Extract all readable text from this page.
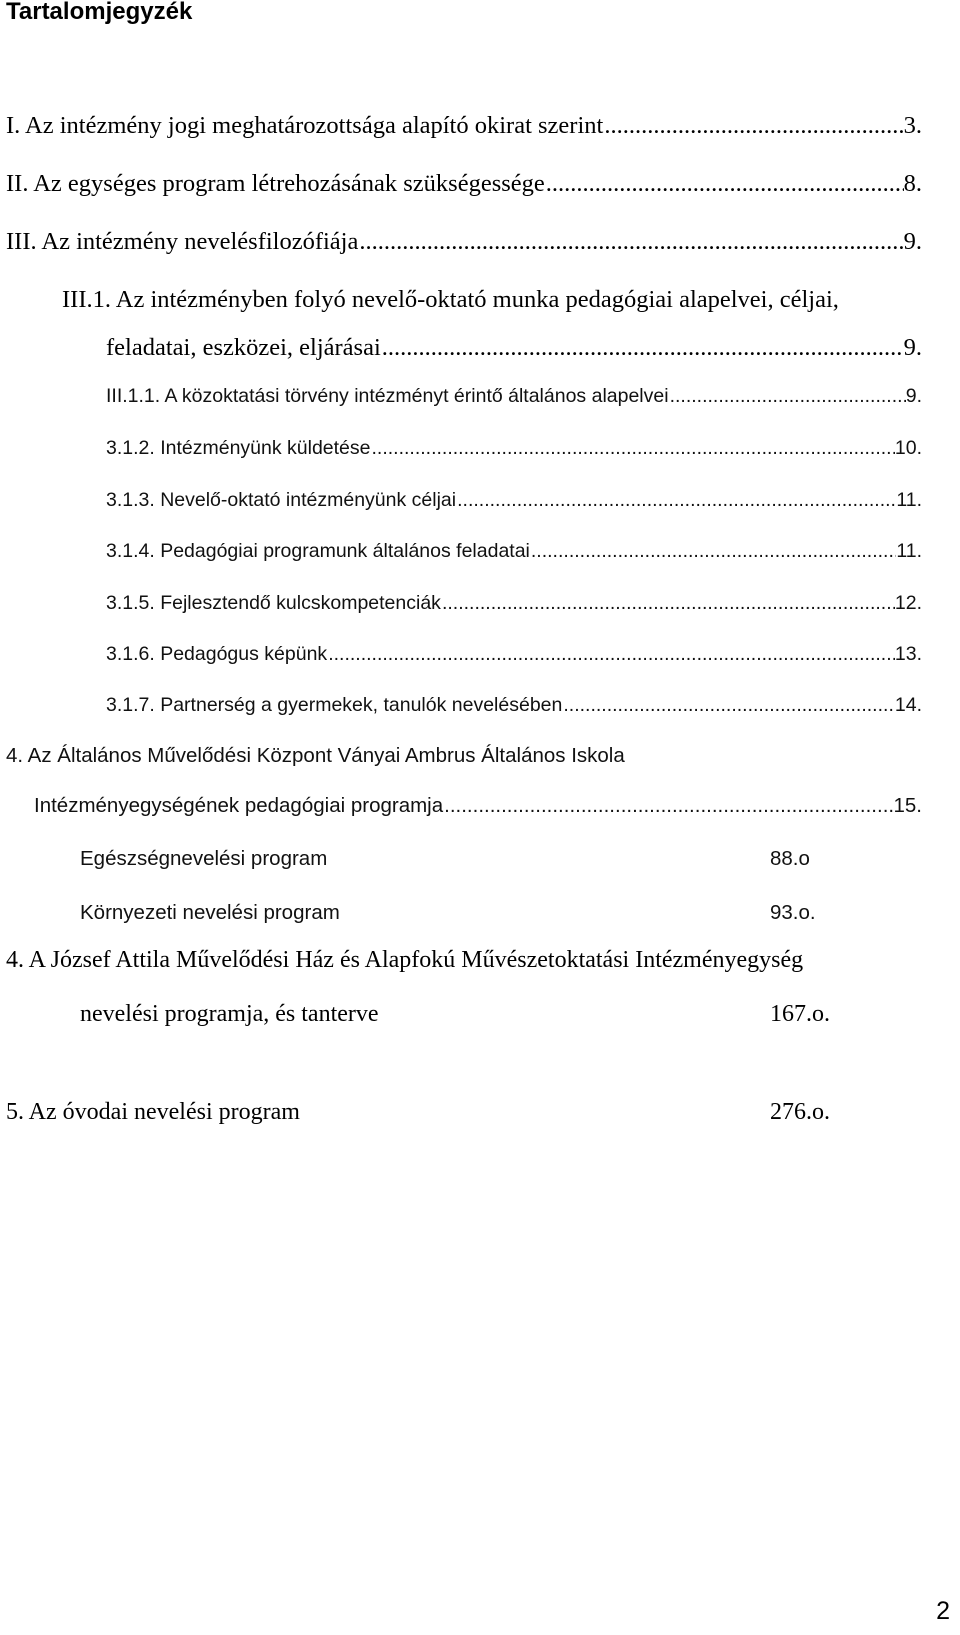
Tartalomjegyzék
I. Az intézmény jogi meghatározottsága alapító okirat szerint .....	3.
II. Az egységes program létrehozásának szükségessége .....	8.
III. Az intézmény nevelésfilozófiája .....	9.
III.1. Az intézményben folyó nevelő-oktató munka pedagógiai alapelvei, céljai,
feladatai, eszközei, eljárásai .....	9.
III.1.1. A közoktatási törvény intézményt érintő általános alapelvei .....	9.
3.1.2. Intézményünk küldetése .....	10.
3.1.3. Nevelő-oktató intézményünk céljai .....	11.
3.1.4. Pedagógiai programunk általános feladatai .....	11.
3.1.5. Fejlesztendő kulcskompetenciák .....	12.
3.1.6. Pedagógus képünk .....	13.
3.1.7. Partnerség a gyermekek, tanulók nevelésében .....	14.
4. Az Általános Művelődési Központ Ványai Ambrus Általános Iskola
Intézményegységének pedagógiai programja .....	15.
Egészségnevelési program	88.o
Környezeti nevelési program	93.o.
4. A József Attila Művelődési Ház és Alapfokú Művészetoktatási Intézményegység
nevelési programja, és tanterve	167.o.
5. Az óvodai nevelési program	276.o.
2
